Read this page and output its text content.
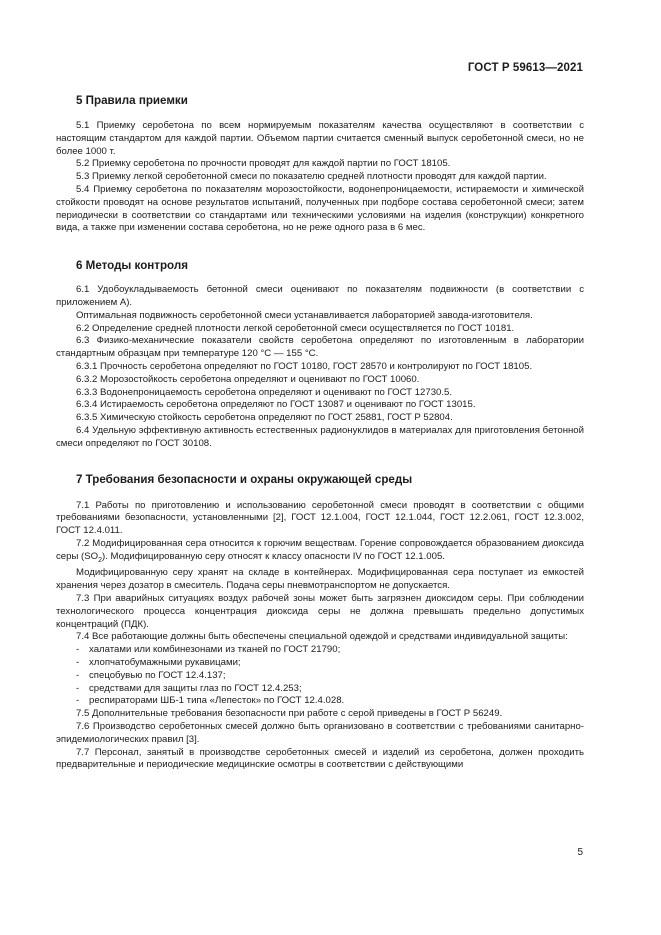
ГОСТ Р 59613—2021
5 Правила приемки

5.1 Приемку серобетона по всем нормируемым показателям качества осуществляют в соответствии с настоящим стандартом для каждой партии. Объемом партии считается сменный выпуск серобетонной смеси, но не более 1000 т.

5.2 Приемку серобетона по прочности проводят для каждой партии по ГОСТ 18105.

5.3 Приемку легкой серобетонной смеси по показателю средней плотности проводят для каждой партии.

5.4 Приемку серобетона по показателям морозостойкости, водонепроницаемости, истираемости и химической стойкости проводят на основе результатов испытаний, полученных при подборе состава серобетонной смеси; затем периодически в соответствии со стандартами или техническими условиями на изделия (конструкции) конкретного вида, а также при изменении состава серобетона, но не реже одного раза в 6 мес.

6 Методы контроля

6.1 Удобоукладываемость бетонной смеси оценивают по показателям подвижности (в соответствии с приложением А).

Оптимальная подвижность серобетонной смеси устанавливается лабораторией завода-изготовителя.

6.2 Определение средней плотности легкой серобетонной смеси осуществляется по ГОСТ 10181.

6.3 Физико-механические показатели свойств серобетона определяют по изготовленным в лаборатории стандартным образцам при температуре 120 °С — 155 °С.

6.3.1 Прочность серобетона определяют по ГОСТ 10180, ГОСТ 28570 и контролируют по ГОСТ 18105.

6.3.2 Морозостойкость серобетона определяют и оценивают по ГОСТ 10060.

6.3.3 Водонепроницаемость серобетона определяют и оценивают по ГОСТ 12730.5.

6.3.4 Истираемость серобетона определяют по ГОСТ 13087 и оценивают по ГОСТ 13015.

6.3.5 Химическую стойкость серобетона определяют по ГОСТ 25881, ГОСТ Р 52804.

6.4 Удельную эффективную активность естественных радионуклидов в материалах для приготовления бетонной смеси определяют по ГОСТ 30108.

7 Требования безопасности и охраны окружающей среды

7.1 Работы по приготовлению и использованию серобетонной смеси проводят в соответствии с общими требованиями безопасности, установленными [2], ГОСТ 12.1.004, ГОСТ 12.1.044, ГОСТ 12.2.061, ГОСТ 12.3.002, ГОСТ 12.4.011.

7.2 Модифицированная сера относится к горючим веществам. Горение сопровождается образованием диоксида серы $(SO_2)$. Модифицированную серу относят к классу опасности IV по ГОСТ 12.1.005.

Модифицированную серу хранят на складе в контейнерах. Модифицированная сера поступает из емкостей хранения через дозатор в смеситель. Подача серы пневмотранспортом не допускается.

7.3 При аварийных ситуациях воздух рабочей зоны может быть загрязнен диоксидом серы. При соблюдении технологического процесса концентрация диоксида серы не должна превышать предельно допустимых концентраций (ПДК).

7.4 Все работающие должны быть обеспечены специальной одеждой и средствами индивидуальной защиты:

- халатами или комбинезонами из тканей по ГОСТ 21790;
- хлопчатобумажными рукавицами;
- спецобувью по ГОСТ 12.4.137;
- средствами для защиты глаз по ГОСТ 12.4.253;
- респираторами ШБ-1 типа «Лепесток» по ГОСТ 12.4.028.

7.5 Дополнительные требования безопасности при работе с серой приведены в ГОСТ Р 56249.

7.6 Производство серобетонных смесей должно быть организовано в соответствии с требованиями санитарно-эпидемиологических правил [3].

7.7 Персонал, занятый в производстве серобетонных смесей и изделий из серобетона, должен проходить предварительные и периодические медицинские осмотры в соответствии с действующими

5
